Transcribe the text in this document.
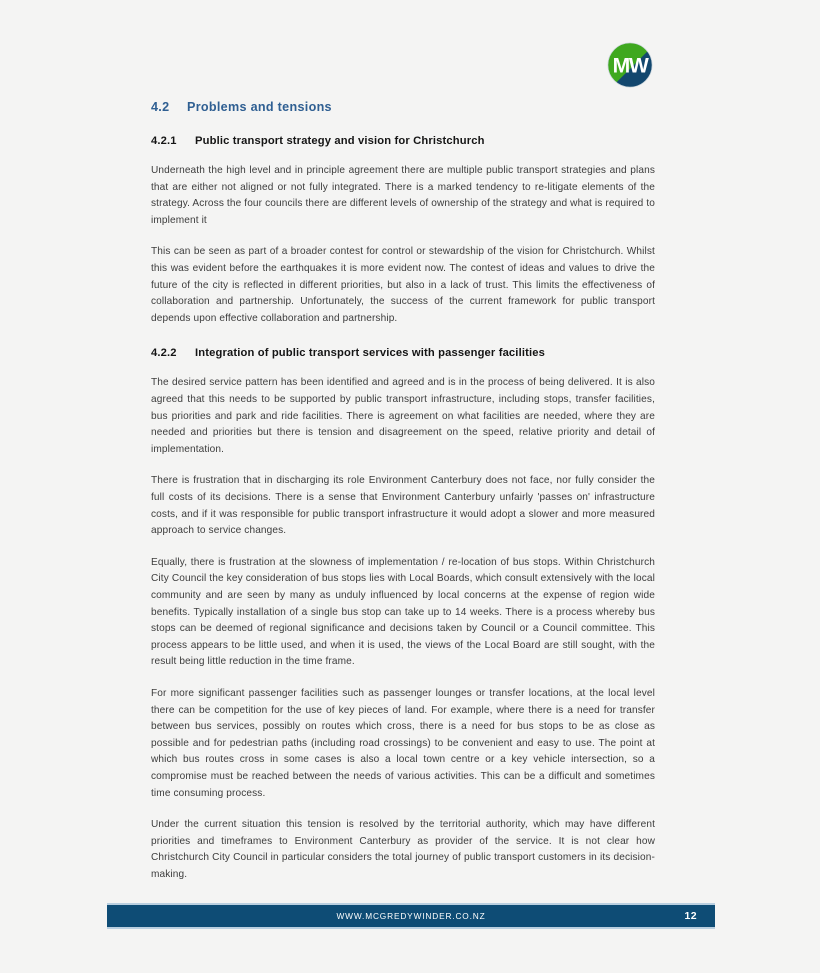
MW
4.2 Problems and tensions
4.2.1 Public transport strategy and vision for Christchurch

Underneath the high level and in principle agreement there are multiple public transport strategies and plans that are either not aligned or not fully integrated. There is a marked tendency to re-litigate elements of the strategy. Across the four councils there are different levels of ownership of the strategy and what is required to implement it

This can be seen as part of a broader contest for control or stewardship of the vision for Christchurch. Whilst this was evident before the earthquakes it is more evident now. The contest of ideas and values to drive the future of the city is reflected in different priorities, but also in a lack of trust. This limits the effectiveness of collaboration and partnership. Unfortunately, the success of the current framework for public transport depends upon effective collaboration and partnership.

4.2.2 Integration of public transport services with passenger facilities

The desired service pattern has been identified and agreed and is in the process of being delivered. It is also agreed that this needs to be supported by public transport infrastructure, including stops, transfer facilities, bus priorities and park and ride facilities. There is agreement on what facilities are needed, where they are needed and priorities but there is tension and disagreement on the speed, relative priority and detail of implementation.

There is frustration that in discharging its role Environment Canterbury does not face, nor fully consider the full costs of its decisions. There is a sense that Environment Canterbury unfairly 'passes on' infrastructure costs, and if it was responsible for public transport infrastructure it would adopt a slower and more measured approach to service changes.

Equally, there is frustration at the slowness of implementation / re-location of bus stops. Within Christchurch City Council the key consideration of bus stops lies with Local Boards, which consult extensively with the local community and are seen by many as unduly influenced by local concerns at the expense of region wide benefits. Typically installation of a single bus stop can take up to 14 weeks. There is a process whereby bus stops can be deemed of regional significance and decisions taken by Council or a Council committee. This process appears to be little used, and when it is used, the views of the Local Board are still sought, with the result being little reduction in the time frame.

For more significant passenger facilities such as passenger lounges or transfer locations, at the local level there can be competition for the use of key pieces of land. For example, where there is a need for transfer between bus services, possibly on routes which cross, there is a need for bus stops to be as close as possible and for pedestrian paths (including road crossings) to be convenient and easy to use. The point at which bus routes cross in some cases is also a local town centre or a key vehicle intersection, so a compromise must be reached between the needs of various activities. This can be a difficult and sometimes time consuming process.

Under the current situation this tension is resolved by the territorial authority, which may have different priorities and timeframes to Environment Canterbury as provider of the service. It is not clear how Christchurch City Council in particular considers the total journey of public transport customers in its decision-making.

WWW.MCGREDYWINDER.CO.NZ	12
